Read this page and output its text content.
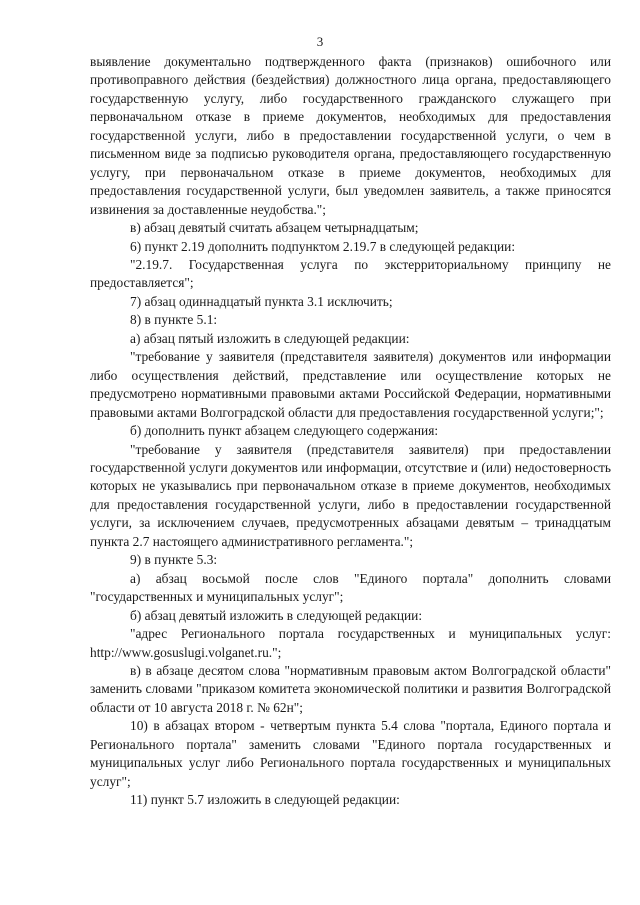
3

выявление документально подтвержденного факта (признаков) ошибочного или противоправного действия (бездействия) должностного лица органа, предоставляющего государственную услугу, либо государственного гражданского служащего при первоначальном отказе в приеме документов, необходимых для предоставления государственной услуги, либо в предоставлении государственной услуги, о чем в письменном виде за подписью руководителя органа, предоставляющего государственную услугу, при первоначальном отказе в приеме документов, необходимых для предоставления государственной услуги, был уведомлен заявитель, а также приносятся извинения за доставленные неудобства.";

в) абзац девятый считать абзацем четырнадцатым;

6) пункт 2.19 дополнить подпунктом 2.19.7 в следующей редакции:

"2.19.7. Государственная услуга по экстерриториальному принципу не предоставляется";

7) абзац одиннадцатый пункта 3.1 исключить;

8) в пункте 5.1:

а) абзац пятый изложить в следующей редакции:

"требование у заявителя (представителя заявителя) документов или информации либо осуществления действий, представление или осуществление которых не предусмотрено нормативными правовыми актами Российской Федерации, нормативными правовыми актами Волгоградской области для предоставления государственной услуги;";

б) дополнить пункт абзацем следующего содержания:

"требование у заявителя (представителя заявителя) при предоставлении государственной услуги документов или информации, отсутствие и (или) недостоверность которых не указывались при первоначальном отказе в приеме документов, необходимых для предоставления государственной услуги, либо в предоставлении государственной услуги, за исключением случаев, предусмотренных абзацами девятым – тринадцатым пункта 2.7 настоящего административного регламента.";

9) в пункте 5.3:

а) абзац восьмой после слов "Единого портала" дополнить словами "государственных и муниципальных услуг";

б) абзац девятый изложить в следующей редакции:

"адрес Регионального портала государственных и муниципальных услуг: http://www.gosuslugi.volganet.ru.";

в) в абзаце десятом слова "нормативным правовым актом Волгоградской области" заменить словами "приказом комитета экономической политики и развития Волгоградской области от 10 августа 2018 г. № 62н";

10) в абзацах втором - четвертым пункта 5.4 слова "портала, Единого портала и Регионального портала" заменить словами "Единого портала государственных и муниципальных услуг либо Регионального портала государственных и муниципальных услуг";

11) пункт 5.7 изложить в следующей редакции:
